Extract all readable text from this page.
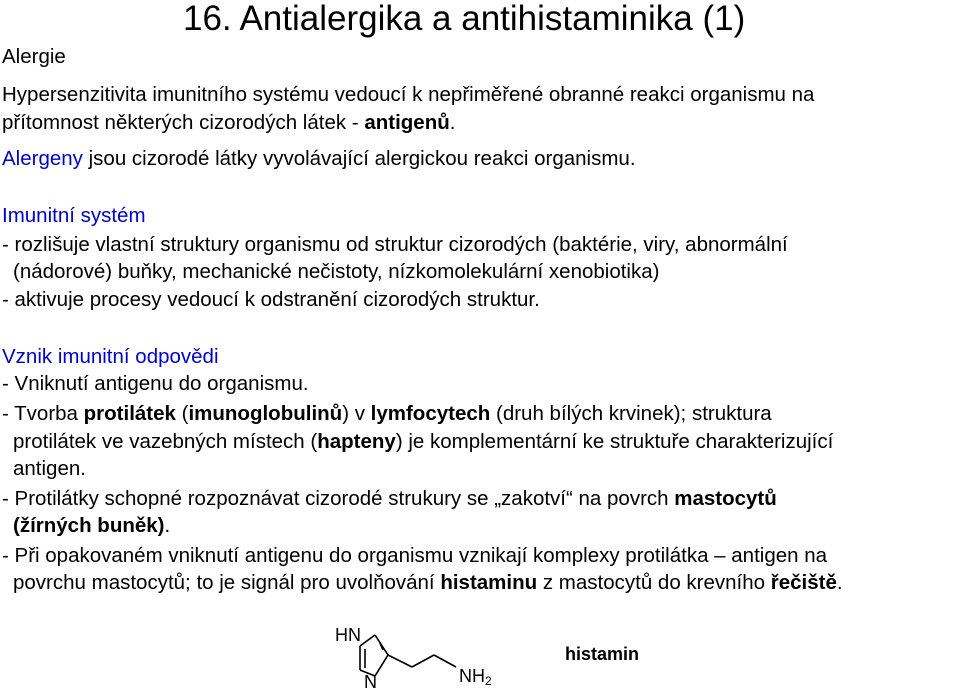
16. Antialergika a antihistaminika (1)
Alergie
Hypersenzitivita imunitního systému vedoucí k nepřiměřené obranné reakci organismu na
přítomnost některých cizorodých látek - antigenů.
Alergeny jsou cizorodé látky vyvolávající alergickou reakci organismu.
Imunitní systém
- rozlišuje vlastní struktury organismu od struktur cizorodých (baktérie, viry, abnormální
(nádorové) buňky, mechanické nečistoty, nízkomolekulární xenobiotika)
- aktivuje procesy vedoucí k odstranění cizorodých struktur.
Vznik imunitní odpovědi
- Vniknutí antigenu do organismu.
- Tvorba protilátek (imunoglobulinů) v lymfocytech (druh bílých krvinek); struktura
protilátek ve vazebných místech (hapteny) je komplementární ke struktuře charakterizující
antigen.
- Protilátky schopné rozpoznávat cizorodé strukury se „zakotví“ na povrch mastocytů
(žírných buněk).
- Při opakovaném vniknutí antigenu do organismu vznikají komplexy protilátka – antigen na
povrchu mastocytů; to je signál pro uvolňování histaminu z mastocytů do krevního řečiště.
HN
N	$NH_2$
histamin
